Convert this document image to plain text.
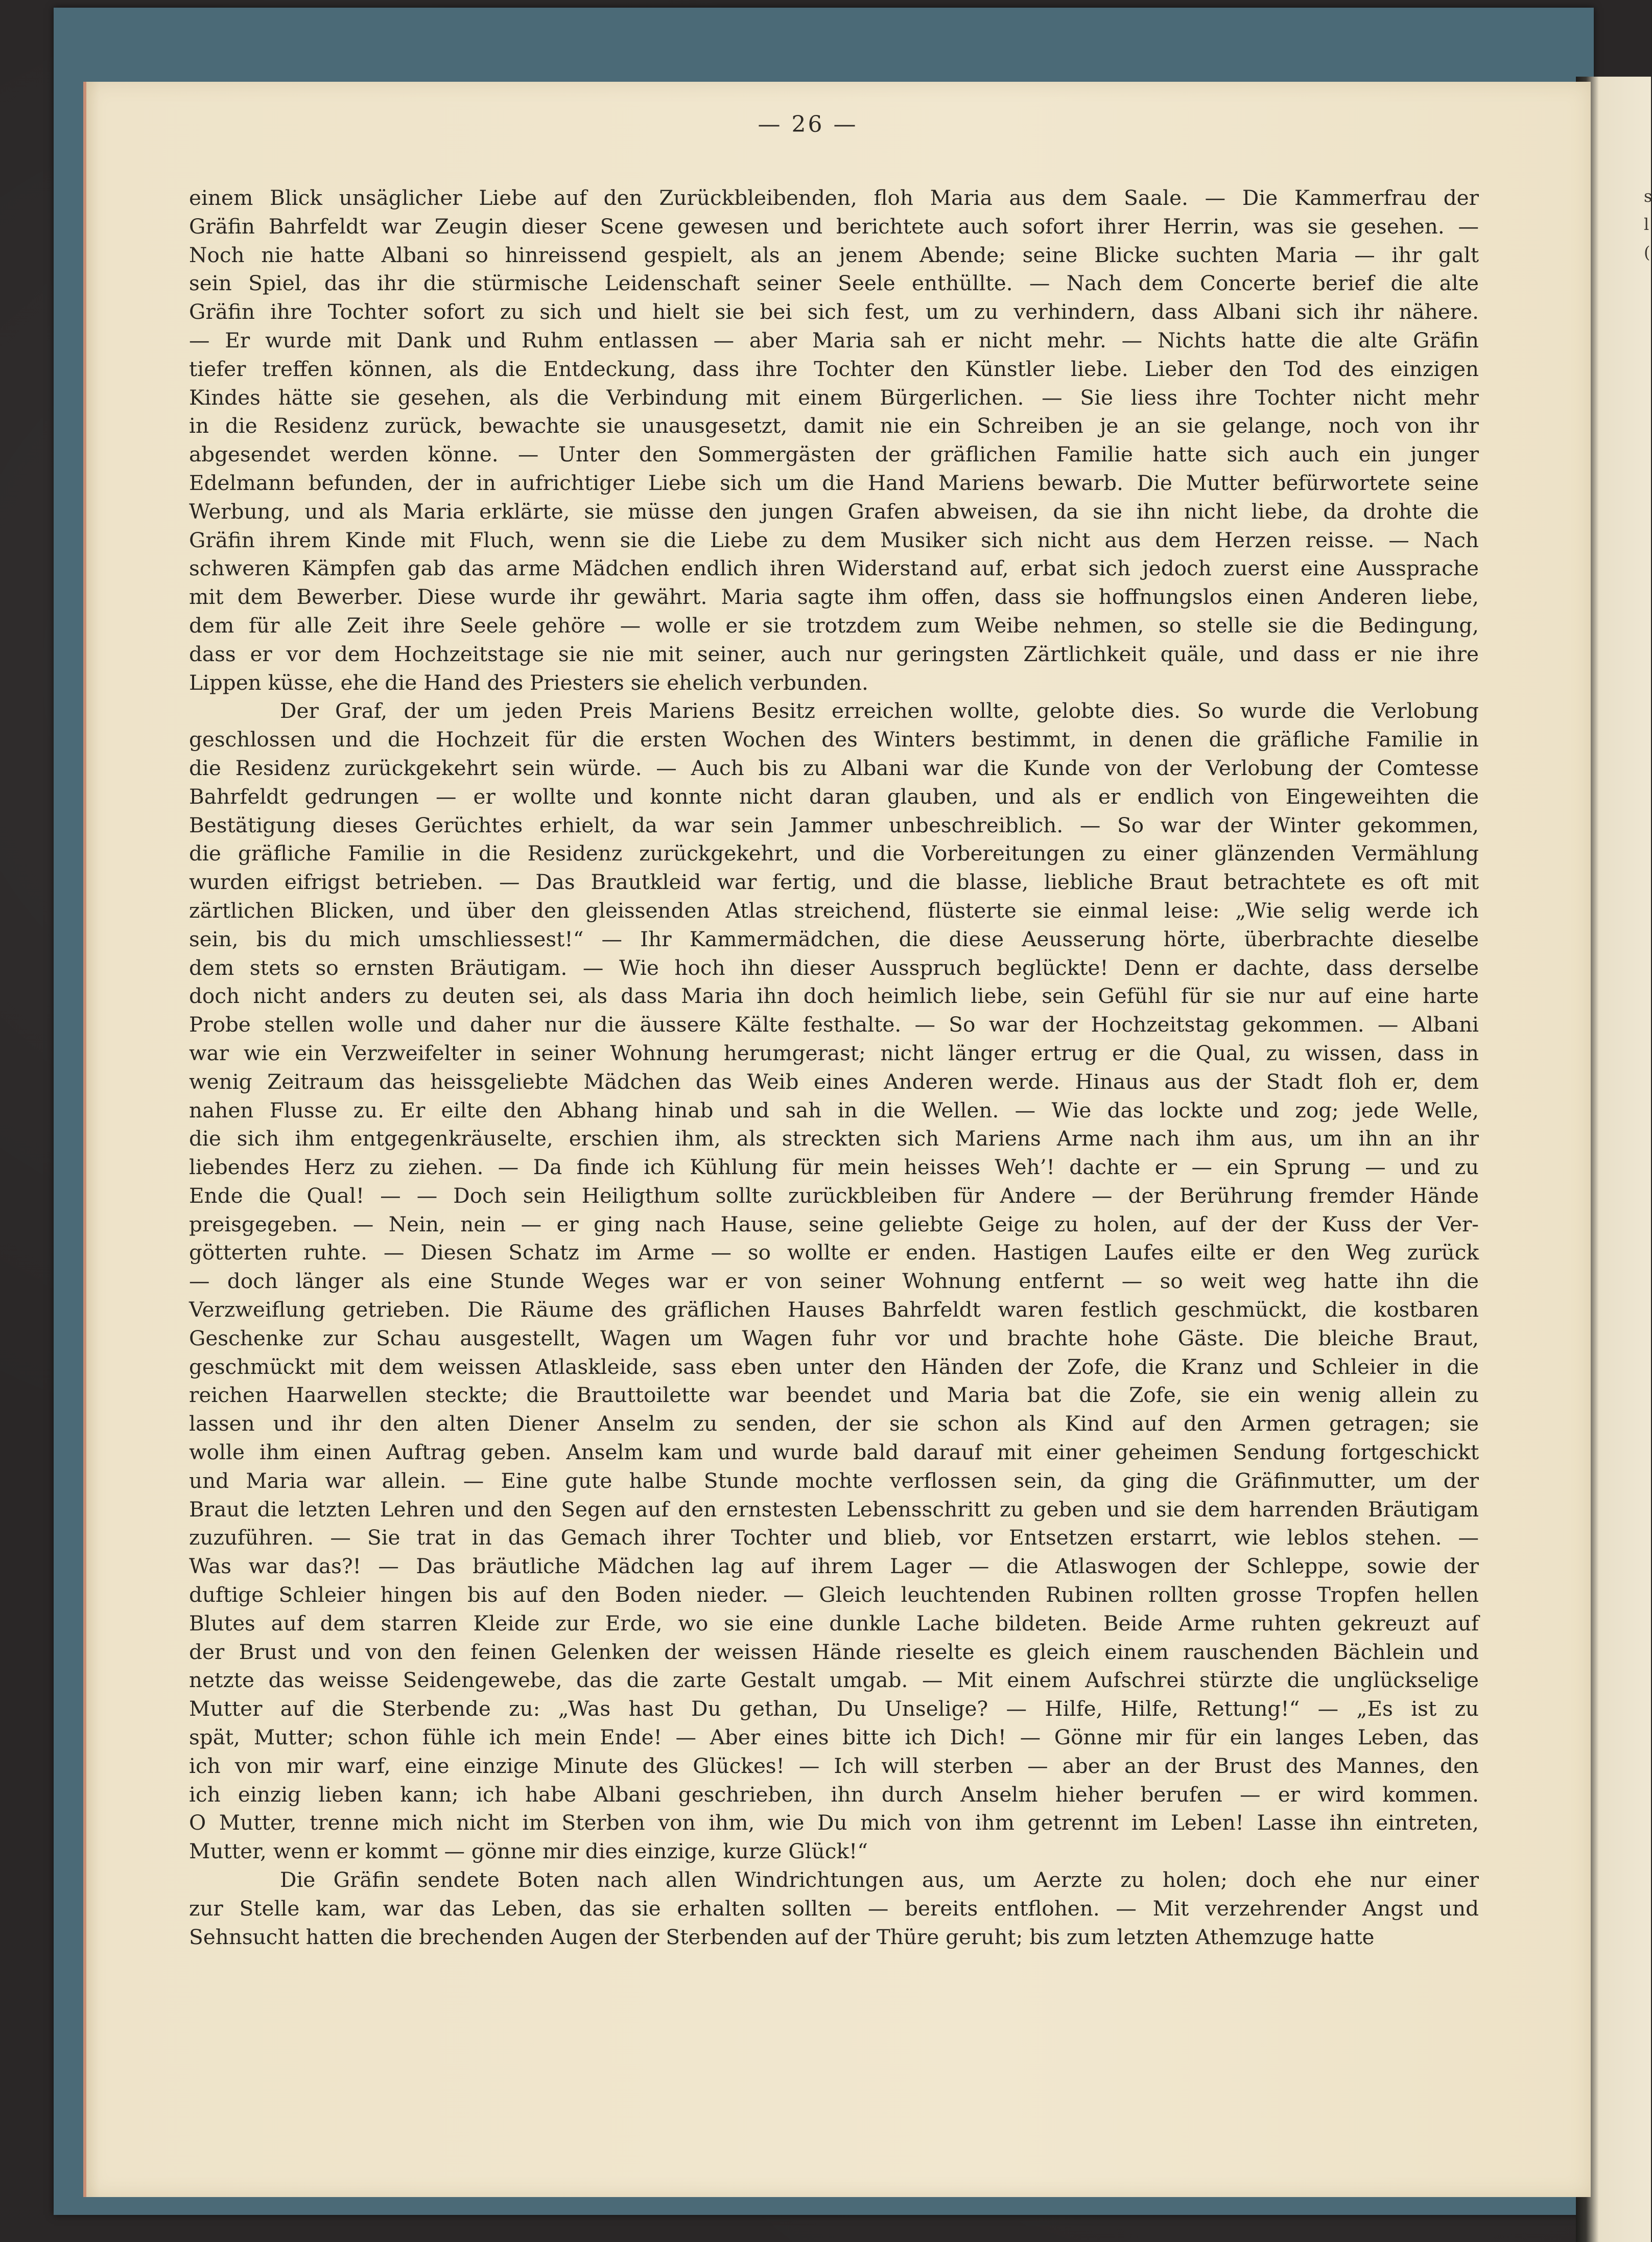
s
l
(
— 26 —
einem Blick unsäglicher Liebe auf den Zurückbleibenden, floh Maria aus dem Saale. — Die Kammerfrau der
Gräfin Bahrfeldt war Zeugin dieser Scene gewesen und berichtete auch sofort ihrer Herrin, was sie gesehen. —
Noch nie hatte Albani so hinreissend gespielt, als an jenem Abende; seine Blicke suchten Maria — ihr galt
sein Spiel, das ihr die stürmische Leidenschaft seiner Seele enthüllte. — Nach dem Concerte berief die alte
Gräfin ihre Tochter sofort zu sich und hielt sie bei sich fest, um zu verhindern, dass Albani sich ihr nähere.
— Er wurde mit Dank und Ruhm entlassen — aber Maria sah er nicht mehr. — Nichts hatte die alte Gräfin
tiefer treffen können, als die Entdeckung, dass ihre Tochter den Künstler liebe. Lieber den Tod des einzigen
Kindes hätte sie gesehen, als die Verbindung mit einem Bürgerlichen. — Sie liess ihre Tochter nicht mehr
in die Residenz zurück, bewachte sie unausgesetzt, damit nie ein Schreiben je an sie gelange, noch von ihr
abgesendet werden könne. — Unter den Sommergästen der gräflichen Familie hatte sich auch ein junger
Edelmann befunden, der in aufrichtiger Liebe sich um die Hand Mariens bewarb. Die Mutter befürwortete seine
Werbung, und als Maria erklärte, sie müsse den jungen Grafen abweisen, da sie ihn nicht liebe, da drohte die
Gräfin ihrem Kinde mit Fluch, wenn sie die Liebe zu dem Musiker sich nicht aus dem Herzen reisse. — Nach
schweren Kämpfen gab das arme Mädchen endlich ihren Widerstand auf, erbat sich jedoch zuerst eine Aussprache
mit dem Bewerber. Diese wurde ihr gewährt. Maria sagte ihm offen, dass sie hoffnungslos einen Anderen liebe,
dem für alle Zeit ihre Seele gehöre — wolle er sie trotzdem zum Weibe nehmen, so stelle sie die Bedingung,
dass er vor dem Hochzeitstage sie nie mit seiner, auch nur geringsten Zärtlichkeit quäle, und dass er nie ihre
Lippen küsse, ehe die Hand des Priesters sie ehelich verbunden.
Der Graf, der um jeden Preis Mariens Besitz erreichen wollte, gelobte dies. So wurde die Verlobung
geschlossen und die Hochzeit für die ersten Wochen des Winters bestimmt, in denen die gräfliche Familie in
die Residenz zurückgekehrt sein würde. — Auch bis zu Albani war die Kunde von der Verlobung der Comtesse
Bahrfeldt gedrungen — er wollte und konnte nicht daran glauben, und als er endlich von Eingeweihten die
Bestätigung dieses Gerüchtes erhielt, da war sein Jammer unbeschreiblich. — So war der Winter gekommen,
die gräfliche Familie in die Residenz zurückgekehrt, und die Vorbereitungen zu einer glänzenden Vermählung
wurden eifrigst betrieben. — Das Brautkleid war fertig, und die blasse, liebliche Braut betrachtete es oft mit
zärtlichen Blicken, und über den gleissenden Atlas streichend, flüsterte sie einmal leise: „Wie selig werde ich
sein, bis du mich umschliessest!“ — Ihr Kammermädchen, die diese Aeusserung hörte, überbrachte dieselbe
dem stets so ernsten Bräutigam. — Wie hoch ihn dieser Ausspruch beglückte! Denn er dachte, dass derselbe
doch nicht anders zu deuten sei, als dass Maria ihn doch heimlich liebe, sein Gefühl für sie nur auf eine harte
Probe stellen wolle und daher nur die äussere Kälte festhalte. — So war der Hochzeitstag gekommen. — Albani
war wie ein Verzweifelter in seiner Wohnung herumgerast; nicht länger ertrug er die Qual, zu wissen, dass in
wenig Zeitraum das heissgeliebte Mädchen das Weib eines Anderen werde. Hinaus aus der Stadt floh er, dem
nahen Flusse zu. Er eilte den Abhang hinab und sah in die Wellen. — Wie das lockte und zog; jede Welle,
die sich ihm entgegenkräuselte, erschien ihm, als streckten sich Mariens Arme nach ihm aus, um ihn an ihr
liebendes Herz zu ziehen. — Da finde ich Kühlung für mein heisses Weh’! dachte er — ein Sprung — und zu
Ende die Qual! — — Doch sein Heiligthum sollte zurückbleiben für Andere — der Berührung fremder Hände
preisgegeben. — Nein, nein — er ging nach Hause, seine geliebte Geige zu holen, auf der der Kuss der Ver-
götterten ruhte. — Diesen Schatz im Arme — so wollte er enden. Hastigen Laufes eilte er den Weg zurück
— doch länger als eine Stunde Weges war er von seiner Wohnung entfernt — so weit weg hatte ihn die
Verzweiflung getrieben. Die Räume des gräflichen Hauses Bahrfeldt waren festlich geschmückt, die kostbaren
Geschenke zur Schau ausgestellt, Wagen um Wagen fuhr vor und brachte hohe Gäste. Die bleiche Braut,
geschmückt mit dem weissen Atlaskleide, sass eben unter den Händen der Zofe, die Kranz und Schleier in die
reichen Haarwellen steckte; die Brauttoilette war beendet und Maria bat die Zofe, sie ein wenig allein zu
lassen und ihr den alten Diener Anselm zu senden, der sie schon als Kind auf den Armen getragen; sie
wolle ihm einen Auftrag geben. Anselm kam und wurde bald darauf mit einer geheimen Sendung fortgeschickt
und Maria war allein. — Eine gute halbe Stunde mochte verflossen sein, da ging die Gräfinmutter, um der
Braut die letzten Lehren und den Segen auf den ernstesten Lebensschritt zu geben und sie dem harrenden Bräutigam
zuzuführen. — Sie trat in das Gemach ihrer Tochter und blieb, vor Entsetzen erstarrt, wie leblos stehen. —
Was war das?! — Das bräutliche Mädchen lag auf ihrem Lager — die Atlaswogen der Schleppe, sowie der
duftige Schleier hingen bis auf den Boden nieder. — Gleich leuchtenden Rubinen rollten grosse Tropfen hellen
Blutes auf dem starren Kleide zur Erde, wo sie eine dunkle Lache bildeten. Beide Arme ruhten gekreuzt auf
der Brust und von den feinen Gelenken der weissen Hände rieselte es gleich einem rauschenden Bächlein und
netzte das weisse Seidengewebe, das die zarte Gestalt umgab. — Mit einem Aufschrei stürzte die unglückselige
Mutter auf die Sterbende zu: „Was hast Du gethan, Du Unselige? — Hilfe, Hilfe, Rettung!“ — „Es ist zu
spät, Mutter; schon fühle ich mein Ende! — Aber eines bitte ich Dich! — Gönne mir für ein langes Leben, das
ich von mir warf, eine einzige Minute des Glückes! — Ich will sterben — aber an der Brust des Mannes, den
ich einzig lieben kann; ich habe Albani geschrieben, ihn durch Anselm hieher berufen — er wird kommen.
O Mutter, trenne mich nicht im Sterben von ihm, wie Du mich von ihm getrennt im Leben! Lasse ihn eintreten,
Mutter, wenn er kommt — gönne mir dies einzige, kurze Glück!“
Die Gräfin sendete Boten nach allen Windrichtungen aus, um Aerzte zu holen; doch ehe nur einer
zur Stelle kam, war das Leben, das sie erhalten sollten — bereits entflohen. — Mit verzehrender Angst und
Sehnsucht hatten die brechenden Augen der Sterbenden auf der Thüre geruht; bis zum letzten Athemzuge hatte
